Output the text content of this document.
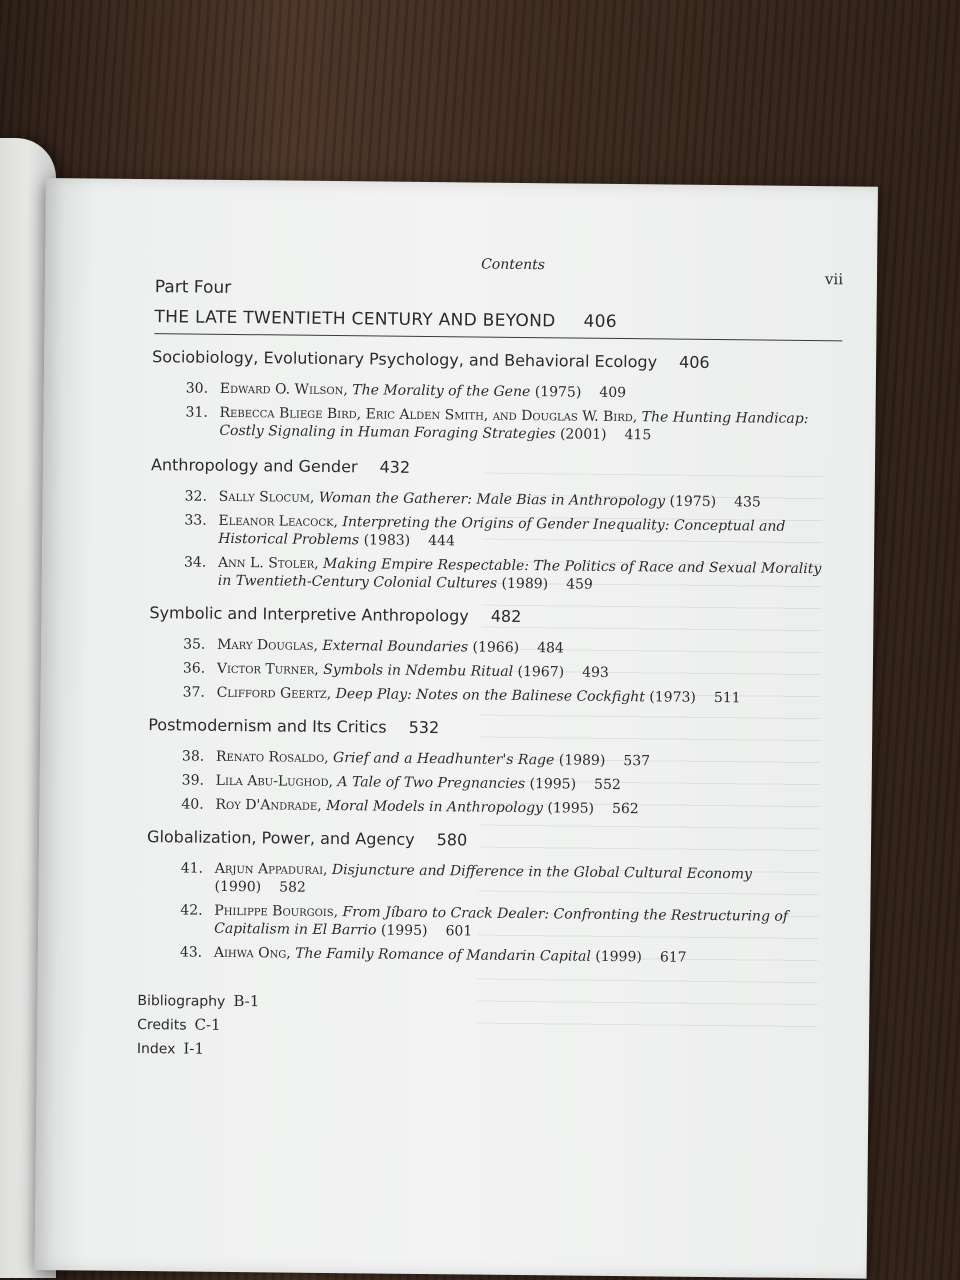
Contents
vii
Part Four
THE LATE TWENTIETH CENTURY AND BEYOND 406
Sociobiology, Evolutionary Psychology, and Behavioral Ecology 406
30. Edward O. Wilson, The Morality of the Gene (1975) 409
31. Rebecca Bliege Bird, Eric Alden Smith, and Douglas W. Bird, The Hunting Handicap: Costly Signaling in Human Foraging Strategies (2001) 415
Anthropology and Gender 432
32. Sally Slocum, Woman the Gatherer: Male Bias in Anthropology (1975) 435
33. Eleanor Leacock, Interpreting the Origins of Gender Inequality: Conceptual and Historical Problems (1983) 444
34. Ann L. Stoler, Making Empire Respectable: The Politics of Race and Sexual Morality in Twentieth-Century Colonial Cultures (1989) 459
Symbolic and Interpretive Anthropology 482
35. Mary Douglas, External Boundaries (1966) 484
36. Victor Turner, Symbols in Ndembu Ritual (1967) 493
37. Clifford Geertz, Deep Play: Notes on the Balinese Cockfight (1973) 511
Postmodernism and Its Critics 532
38. Renato Rosaldo, Grief and a Headhunter's Rage (1989) 537
39. Lila Abu-Lughod, A Tale of Two Pregnancies (1995) 552
40. Roy D'Andrade, Moral Models in Anthropology (1995) 562
Globalization, Power, and Agency 580
41. Arjun Appadurai, Disjuncture and Difference in the Global Cultural Economy (1990) 582
42. Philippe Bourgois, From Jíbaro to Crack Dealer: Confronting the Restructuring of Capitalism in El Barrio (1995) 601
43. Aihwa Ong, The Family Romance of Mandarin Capital (1999) 617
Bibliography B-1
Credits C-1
Index I-1
